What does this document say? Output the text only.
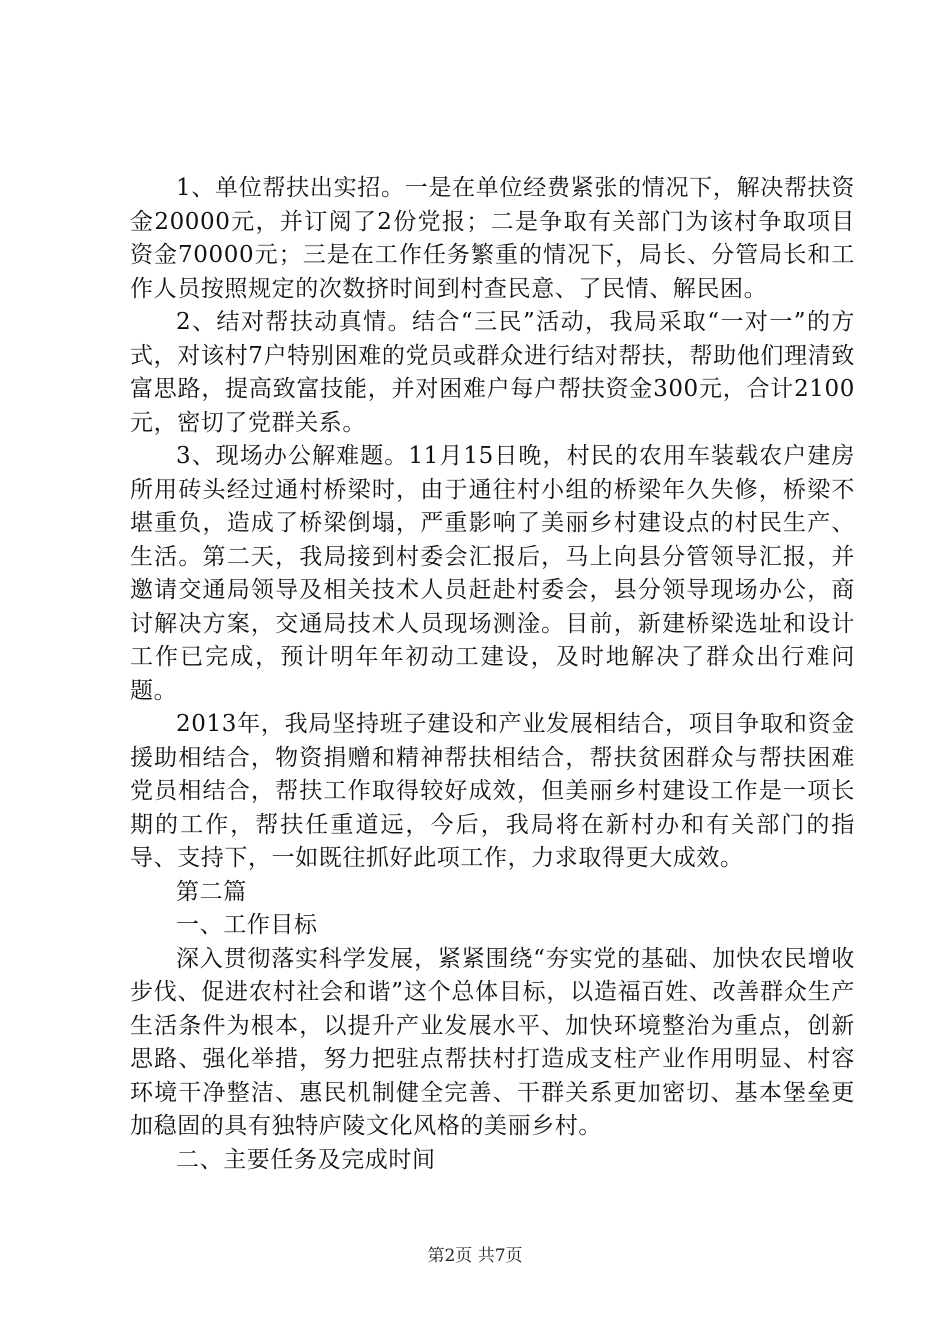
1、单位帮扶出实招。一是在单位经费紧张的情况下，解决帮扶资金20000元，并订阅了2份党报；二是争取有关部门为该村争取项目资金70000元；三是在工作任务繁重的情况下，局长、分管局长和工作人员按照规定的次数挤时间到村查民意、了民情、解民困。

2、结对帮扶动真情。结合“三民”活动，我局采取“一对一”的方式，对该村7户特别困难的党员或群众进行结对帮扶，帮助他们理清致富思路，提高致富技能，并对困难户每户帮扶资金300元，合计2100元，密切了党群关系。

3、现场办公解难题。11月15日晚，村民的农用车装载农户建房所用砖头经过通村桥梁时，由于通往村小组的桥梁年久失修，桥梁不堪重负，造成了桥梁倒塌，严重影响了美丽乡村建设点的村民生产、生活。第二天，我局接到村委会汇报后，马上向县分管领导汇报，并邀请交通局领导及相关技术人员赶赴村委会，县分领导现场办公，商讨解决方案，交通局技术人员现场测淦。目前，新建桥梁选址和设计工作已完成，预计明年年初动工建设，及时地解决了群众出行难问题。

2013年，我局坚持班子建设和产业发展相结合，项目争取和资金援助相结合，物资捐赠和精神帮扶相结合，帮扶贫困群众与帮扶困难党员相结合，帮扶工作取得较好成效，但美丽乡村建设工作是一项长期的工作，帮扶任重道远，今后，我局将在新村办和有关部门的指导、支持下，一如既往抓好此项工作，力求取得更大成效。

第二篇

一、工作目标

深入贯彻落实科学发展，紧紧围绕“夯实党的基础、加快农民增收步伐、促进农村社会和谐”这个总体目标，以造福百姓、改善群众生产生活条件为根本，以提升产业发展水平、加快环境整治为重点，创新思路、强化举措，努力把驻点帮扶村打造成支柱产业作用明显、村容环境干净整洁、惠民机制健全完善、干群关系更加密切、基本堡垒更加稳固的具有独特庐陵文化风格的美丽乡村。

二、主要任务及完成时间

第2页 共7页
